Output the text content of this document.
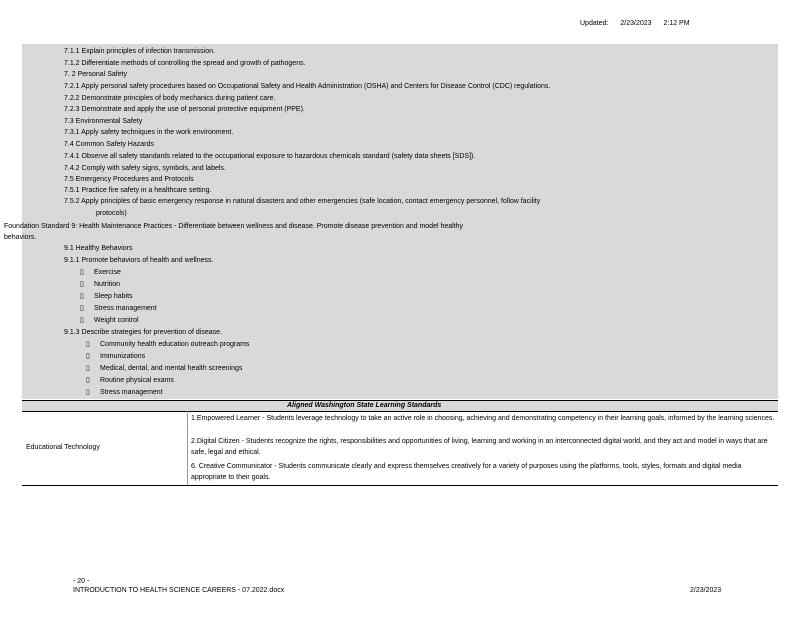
Updated: 2/23/2023 2:12 PM
7.1.1 Explain principles of infection transmission.
7.1.2 Differentiate methods of controlling the spread and growth of pathogens.
7. 2 Personal Safety
7.2.1 Apply personal safety procedures based on Occupational Safety and Health Administration (OSHA) and Centers for Disease Control (CDC) regulations.
7.2.2 Demonstrate principles of body mechanics during patient care.
7.2.3 Demonstrate and apply the use of personal protective equipment (PPE).
7.3 Environmental Safety
7.3.1 Apply safety techniques in the work environment.
7.4 Common Safety Hazards
7.4.1 Observe all safety standards related to the occupational exposure to hazardous chemicals standard (safety data sheets [SDS]).
7.4.2 Comply with safety signs, symbols, and labels.
7.5 Emergency Procedures and Protocols
7.5.1 Practice fire safety in a healthcare setting.
7.5.2 Apply principles of basic emergency response in natural disasters and other emergencies (safe location, contact emergency personnel, follow facility
protocols)
Foundation Standard 9: Health Maintenance Practices - Differentiate between wellness and disease. Promote disease prevention and model healthy
behaviors.
9.1 Healthy Behaviors
9.1.1 Promote behaviors of health and wellness.
▯ Exercise
▯ Nutrition
▯ Sleep habits
▯ Stress management
▯ Weight control
9.1.3 Describe strategies for prevention of disease.
▯ Community health education outreach programs
▯ Immunizations
▯ Medical, dental, and mental health screenings
▯ Routine physical exams
▯ Stress management
Aligned Washington State Learning Standards
Educational Technology
1.Empowered Learner - Students leverage technology to take an active role in choosing, achieving and demonstrating competency in their learning goals, informed by the learning sciences.
2.Digital Citizen - Students recognize the rights, responsibilities and opportunities of living, learning and working in an interconnected digital world, and they act and model in ways that are safe, legal and ethical.
6. Creative Communicator - Students communicate clearly and express themselves creatively for a variety of purposes using the platforms, tools, styles, formats and digital media appropriate to their goals.
- 20 -
INTRODUCTION TO HEALTH SCIENCE CAREERS - 07.2022.docx	2/23/2023
